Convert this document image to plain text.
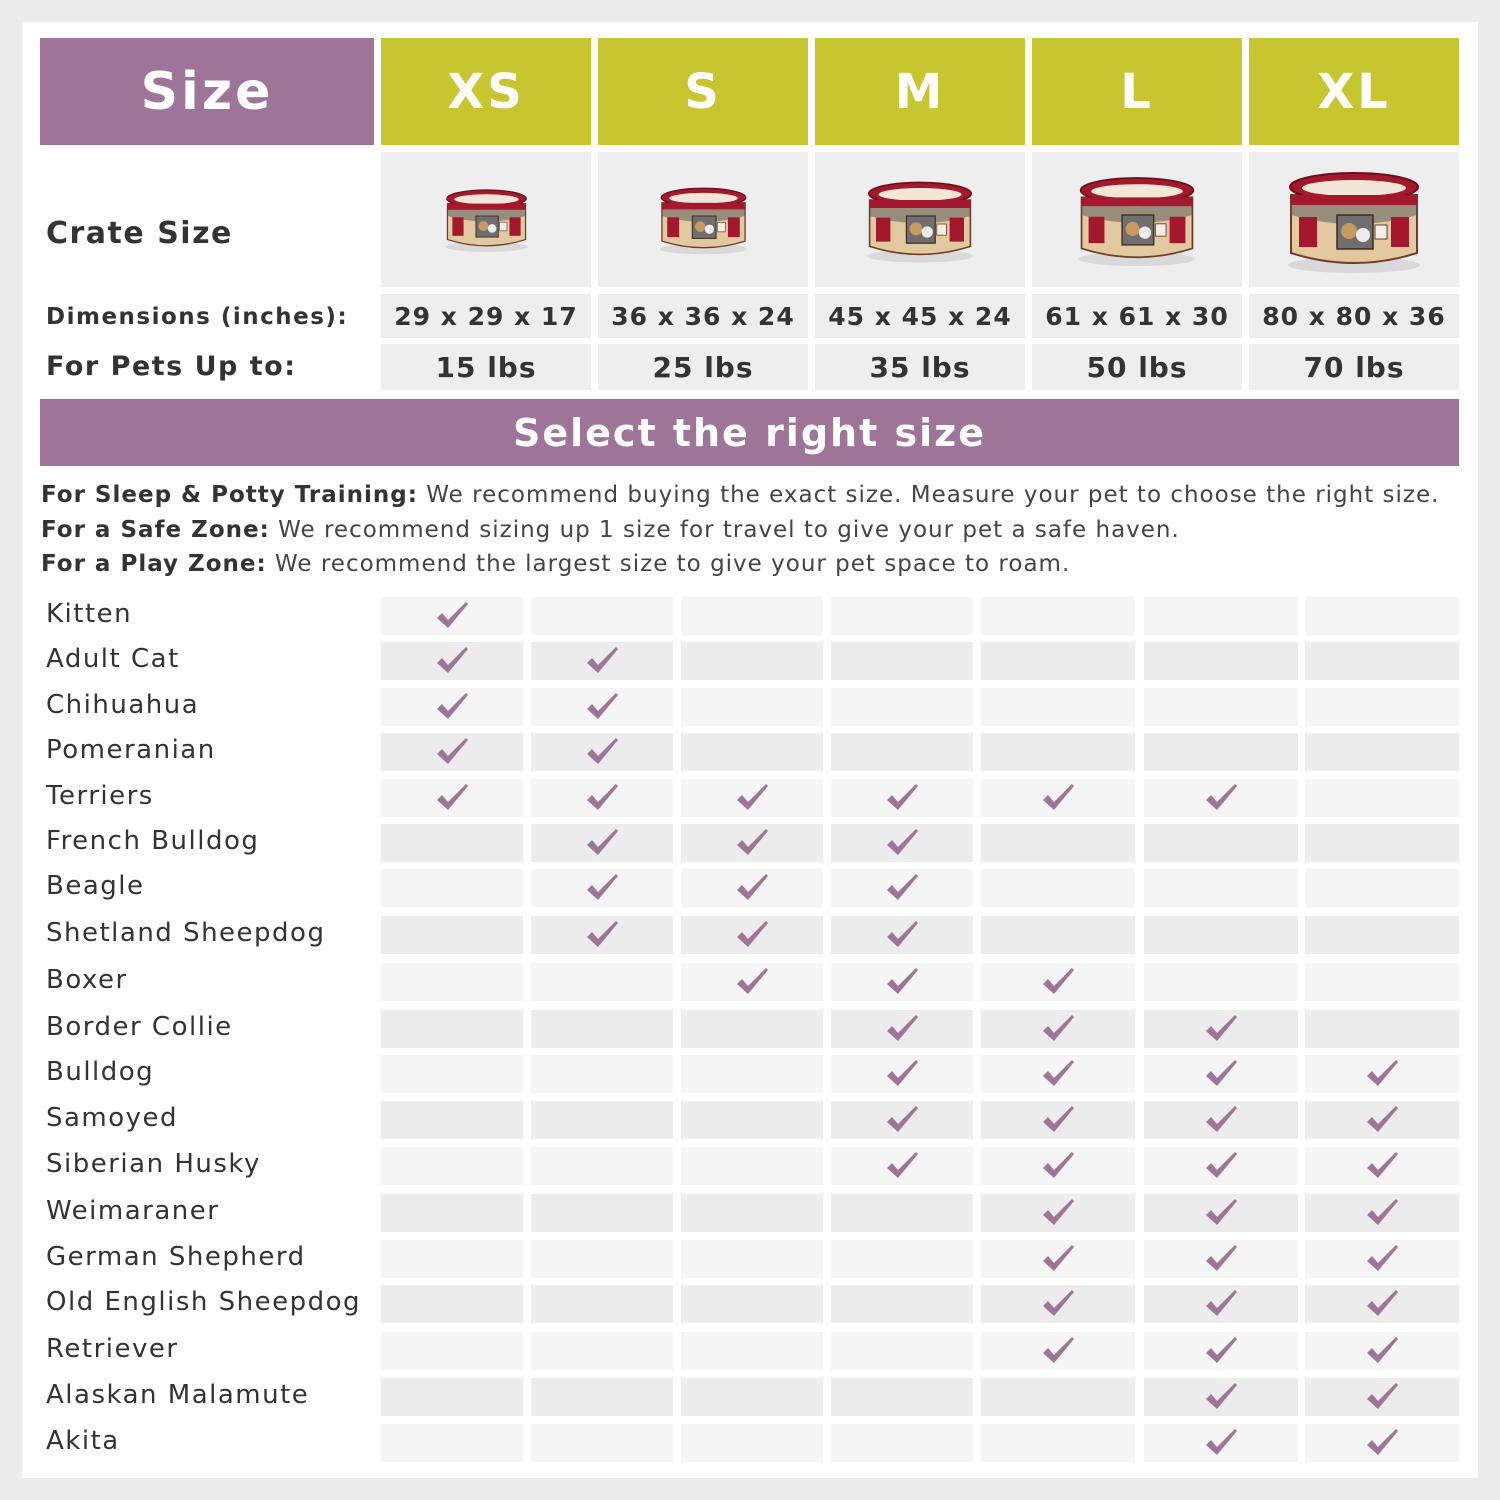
Size
Crate Size
Dimensions (inches):
For Pets Up to:
Select the right size
For Sleep & Potty Training: We recommend buying the exact size. Measure your pet to choose the right size.
For a Safe Zone: We recommend sizing up 1 size for travel to give your pet a safe haven.
For a Play Zone: We recommend the largest size to give your pet space to roam.
XS
29 x 29 x 17
15 lbs
S
36 x 36 x 24
25 lbs
M
45 x 45 x 24
35 lbs
L
61 x 61 x 30
50 lbs
XL
80 x 80 x 36
70 lbs
Kitten
Adult Cat
Chihuahua
Pomeranian
Terriers
French Bulldog
Beagle
Shetland Sheepdog
Boxer
Border Collie
Bulldog
Samoyed
Siberian Husky
Weimaraner
German Shepherd
Old English Sheepdog
Retriever
Alaskan Malamute
Akita
